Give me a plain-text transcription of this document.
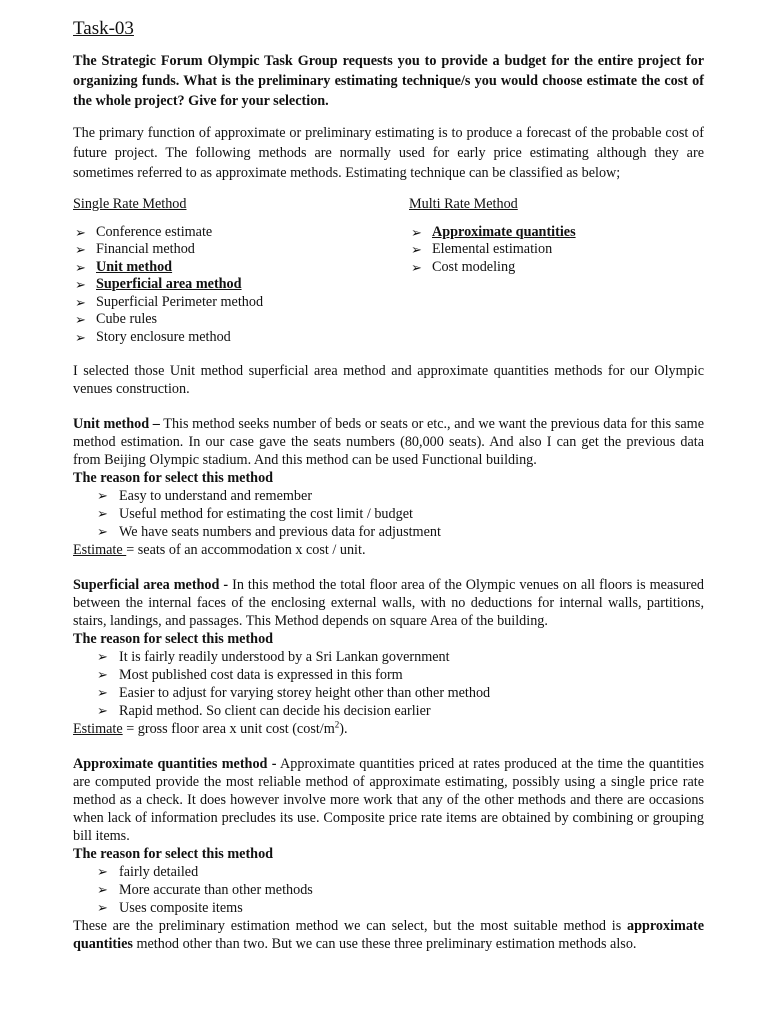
Task-03

The Strategic Forum Olympic Task Group requests you to provide a budget for the entire project for organizing funds. What is the preliminary estimating technique/s you would choose estimate the cost of the whole project? Give for your selection.

The primary function of approximate or preliminary estimating is to produce a forecast of the probable cost of future project. The following methods are normally used for early price estimating although they are sometimes referred to as approximate methods. Estimating technique can be classified as below;

Single Rate Method
➢ Conference estimate
➢ Financial method
➢ Unit method
➢ Superficial area method
➢ Superficial Perimeter method
➢ Cube rules
➢ Story enclosure method
Multi Rate Method
➢ Approximate quantities
➢ Elemental estimation
➢ Cost modeling

I selected those Unit method superficial area method and approximate quantities methods for our Olympic venues construction.

Unit method – This method seeks number of beds or seats or etc., and we want the previous data for this same method estimation. In our case gave the seats numbers (80,000 seats). And also I can get the previous data from Beijing Olympic stadium. And this method can be used Functional building.

The reason for select this method

➢ Easy to understand and remember
➢ Useful method for estimating the cost limit / budget
➢ We have seats numbers and previous data for adjustment

Estimate = seats of an accommodation x cost / unit.

Superficial area method - In this method the total floor area of the Olympic venues on all floors is measured between the internal faces of the enclosing external walls, with no deductions for internal walls, partitions, stairs, landings, and passages. This Method depends on square Area of the building.

The reason for select this method

➢ It is fairly readily understood by a Sri Lankan government
➢ Most published cost data is expressed in this form
➢ Easier to adjust for varying storey height other than other method
➢ Rapid method. So client can decide his decision earlier

Estimate = gross floor area x unit cost $(\cos t/m^2)$.

Approximate quantities method - Approximate quantities priced at rates produced at the time the quantities are computed provide the most reliable method of approximate estimating, possibly using a single price rate method as a check. It does however involve more work that any of the other methods and there are occasions when lack of information precludes its use. Composite price rate items are obtained by combining or grouping bill items.

The reason for select this method

➢ fairly detailed
➢ More accurate than other methods
➢ Uses composite items

These are the preliminary estimation method we can select, but the most suitable method is approximate quantities method other than two. But we can use these three preliminary estimation methods also.
